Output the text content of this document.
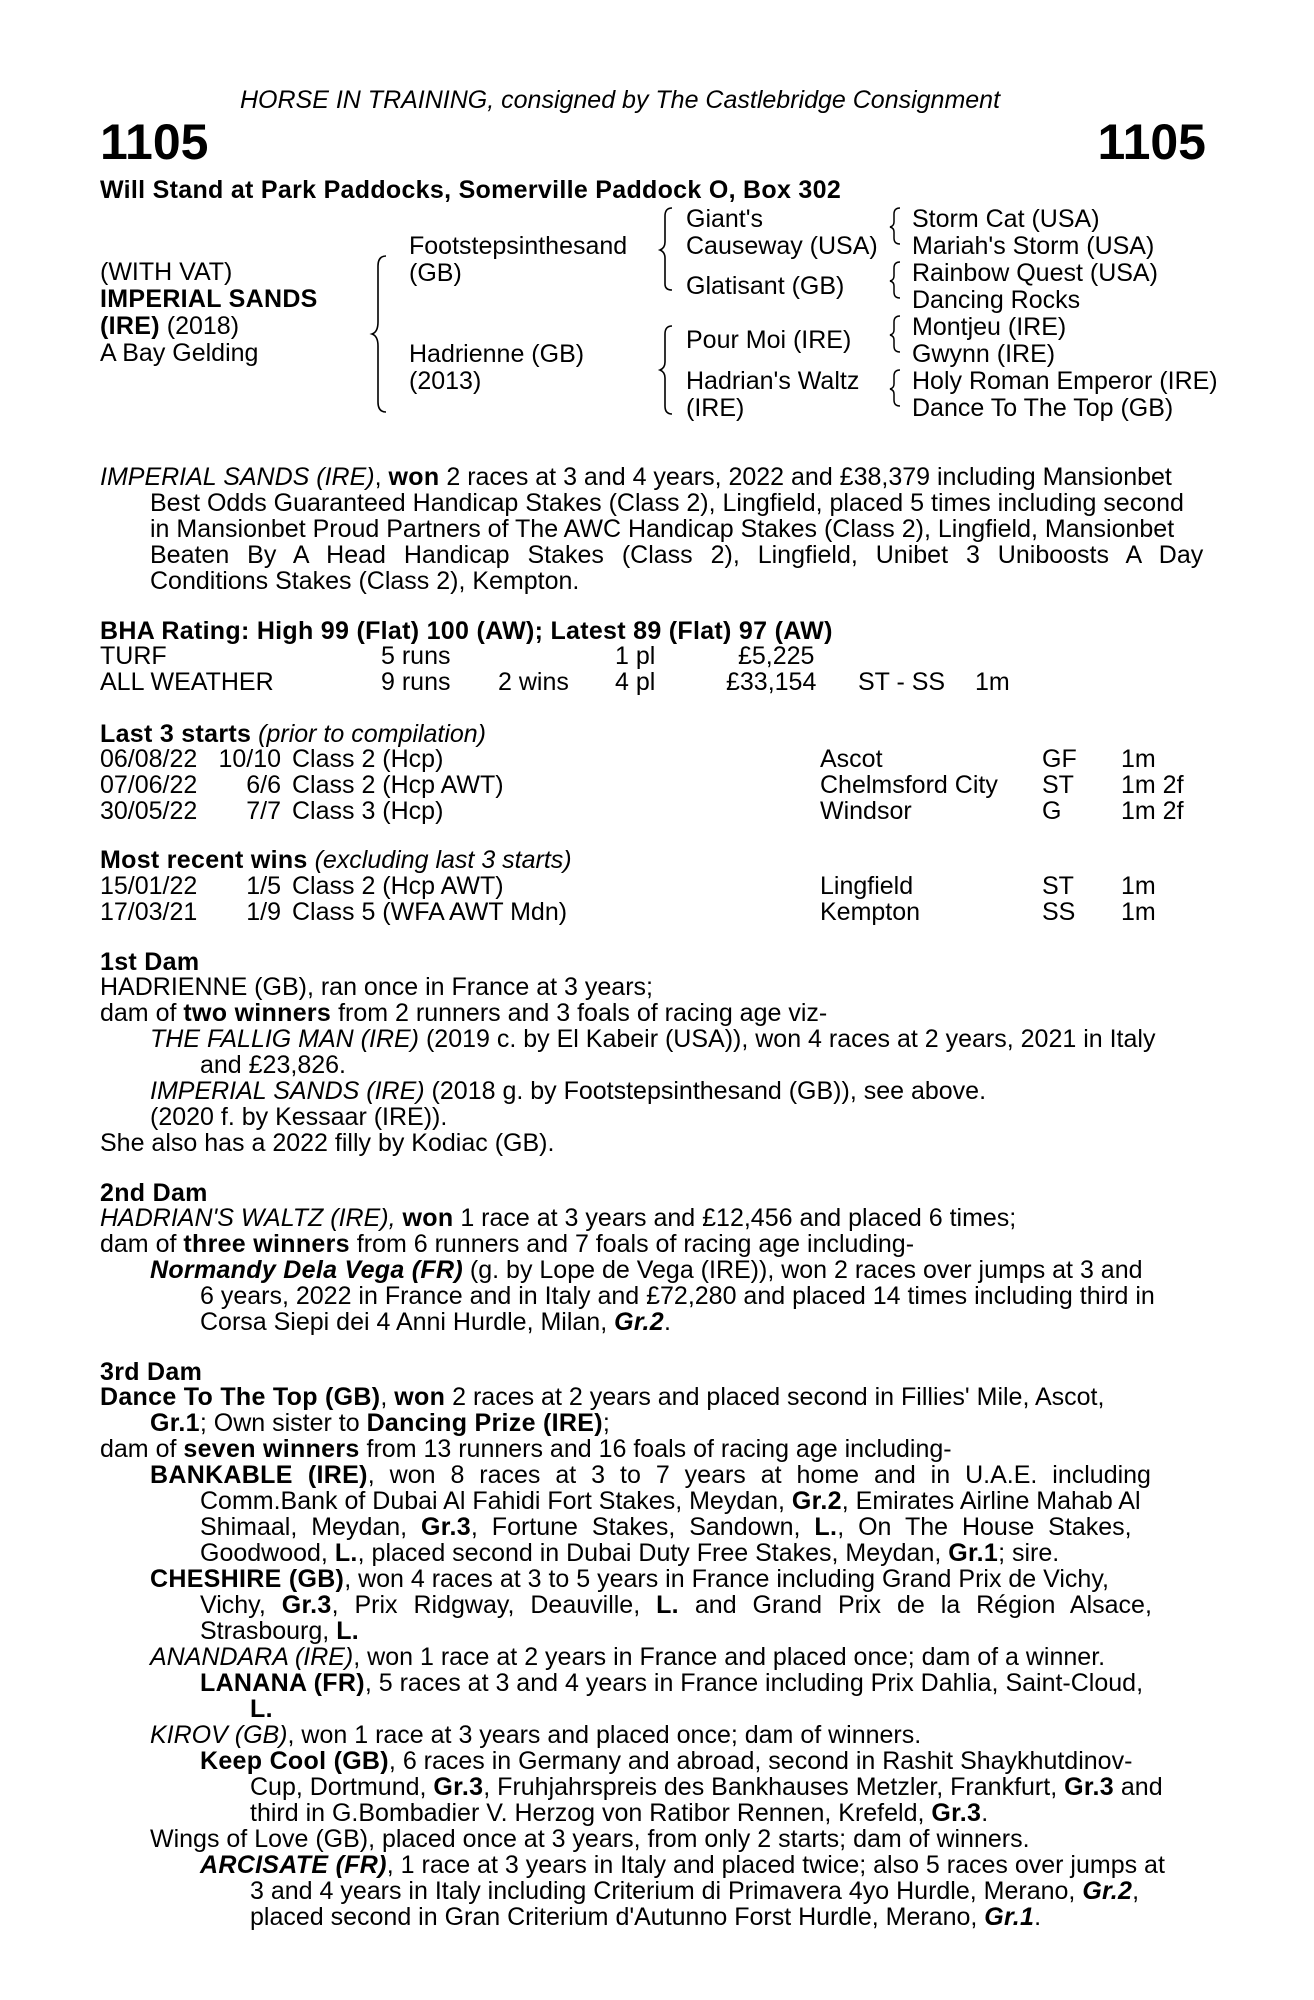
HORSE IN TRAINING, consigned by The Castlebridge Consignment
1105	1105
Will Stand at Park Paddocks, Somerville Paddock O, Box 302
(WITH VAT)
IMPERIAL SANDS
(IRE) (2018)
A Bay Gelding
Footstepsinthesand
(GB)
Hadrienne (GB)
(2013)
Giant's
Causeway (USA)
Glatisant (GB)
Pour Moi (IRE)
Hadrian's Waltz
(IRE)
Storm Cat (USA)
Mariah's Storm (USA)
Rainbow Quest (USA)
Dancing Rocks
Montjeu (IRE)
Gwynn (IRE)
Holy Roman Emperor (IRE)
Dance To The Top (GB)
IMPERIAL SANDS (IRE), won 2 races at 3 and 4 years, 2022 and £38,379 including Mansionbet
Best Odds Guaranteed Handicap Stakes (Class 2), Lingfield, placed 5 times including second
in Mansionbet Proud Partners of The AWC Handicap Stakes (Class 2), Lingfield, Mansionbet
Beaten By A Head Handicap Stakes (Class 2), Lingfield, Unibet 3 Uniboosts A Day
Conditions Stakes (Class 2), Kempton.
BHA Rating: High 99 (Flat) 100 (AW); Latest 89 (Flat) 97 (AW)
TURF	5 runs	1 pl	£5,225
ALL WEATHER	9 runs 2 wins 4 pl	£33,154 ST - SS 1m
Last 3 starts (prior to compilation)
06/08/22 10/10 Class 2 (Hcp)	Ascot	GF 1m
07/06/22	6/6 Class 2 (Hcp AWT)	Chelmsford City ST 1m 2f
30/05/22	7/7 Class 3 (Hcp)	Windsor	G 1m 2f
Most recent wins (excluding last 3 starts)
15/01/22	1/5 Class 2 (Hcp AWT)	Lingfield	ST 1m
17/03/21	1/9 Class 5 (WFA AWT Mdn)	Kempton	SS 1m
1st Dam
HADRIENNE (GB), ran once in France at 3 years;
dam of two winners from 2 runners and 3 foals of racing age viz-
THE FALLIG MAN (IRE) (2019 c. by El Kabeir (USA)), won 4 races at 2 years, 2021 in Italy
and £23,826.
IMPERIAL SANDS (IRE) (2018 g. by Footstepsinthesand (GB)), see above.
(2020 f. by Kessaar (IRE)).
She also has a 2022 filly by Kodiac (GB).
2nd Dam
HADRIAN'S WALTZ (IRE), won 1 race at 3 years and £12,456 and placed 6 times;
dam of three winners from 6 runners and 7 foals of racing age including-
Normandy Dela Vega (FR) (g. by Lope de Vega (IRE)), won 2 races over jumps at 3 and
6 years, 2022 in France and in Italy and £72,280 and placed 14 times including third in
Corsa Siepi dei 4 Anni Hurdle, Milan, Gr.2.
3rd Dam
Dance To The Top (GB), won 2 races at 2 years and placed second in Fillies' Mile, Ascot,
Gr.1; Own sister to Dancing Prize (IRE);
dam of seven winners from 13 runners and 16 foals of racing age including-
BANKABLE (IRE), won 8 races at 3 to 7 years at home and in U.A.E. including
Comm.Bank of Dubai Al Fahidi Fort Stakes, Meydan, Gr.2, Emirates Airline Mahab Al
Shimaal, Meydan, Gr.3, Fortune Stakes, Sandown, L., On The House Stakes,
Goodwood, L., placed second in Dubai Duty Free Stakes, Meydan, Gr.1; sire.
CHESHIRE (GB), won 4 races at 3 to 5 years in France including Grand Prix de Vichy,
Vichy, Gr.3, Prix Ridgway, Deauville, L. and Grand Prix de la Région Alsace,
Strasbourg, L.
ANANDARA (IRE), won 1 race at 2 years in France and placed once; dam of a winner.
LANANA (FR), 5 races at 3 and 4 years in France including Prix Dahlia, Saint-Cloud,
L.
KIROV (GB), won 1 race at 3 years and placed once; dam of winners.
Keep Cool (GB), 6 races in Germany and abroad, second in Rashit Shaykhutdinov-
Cup, Dortmund, Gr.3, Fruhjahrspreis des Bankhauses Metzler, Frankfurt, Gr.3 and
third in G.Bombadier V. Herzog von Ratibor Rennen, Krefeld, Gr.3.
Wings of Love (GB), placed once at 3 years, from only 2 starts; dam of winners.
ARCISATE (FR), 1 race at 3 years in Italy and placed twice; also 5 races over jumps at
3 and 4 years in Italy including Criterium di Primavera 4yo Hurdle, Merano, Gr.2,
placed second in Gran Criterium d'Autunno Forst Hurdle, Merano, Gr.1.
